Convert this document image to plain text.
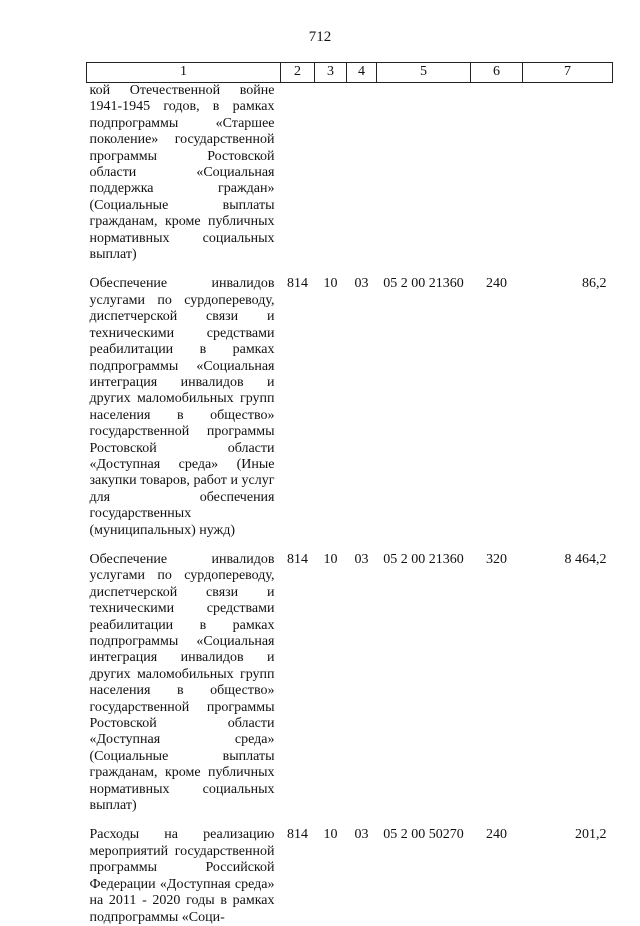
712
1	2	3	4	5	6	7
кой Отечественной войне 1941-1945 годов, в рамках подпрограммы «Старшее поколение» государственной программы Ростовской области «Социальная поддержка граждан» (Социальные выплаты гражданам, кроме публичных нормативных социальных выплат)						
Обеспечение инвалидов услугами по сурдопереводу, диспетчерской связи и техническими средствами реабилитации в рамках подпрограммы «Социальная интеграция инвалидов и других маломобильных групп населения в общество» государственной программы Ростовской области «Доступная среда» (Иные закупки товаров, работ и услуг для обеспечения государственных (муниципальных) нужд)	814	10	03	05 2 00 21360	240	86,2
Обеспечение инвалидов услугами по сурдопереводу, диспетчерской связи и техническими средствами реабилитации в рамках подпрограммы «Социальная интеграция инвалидов и других маломобильных групп населения в общество» государственной программы Ростовской области «Доступная среда» (Социальные выплаты гражданам, кроме публичных нормативных социальных выплат)	814	10	03	05 2 00 21360	320	8 464,2
Расходы на реализацию мероприятий государственной программы Российской Федерации «Доступная среда» на 2011 - 2020 годы в рамках подпрограммы «Соци-	814	10	03	05 2 00 50270	240	201,2
